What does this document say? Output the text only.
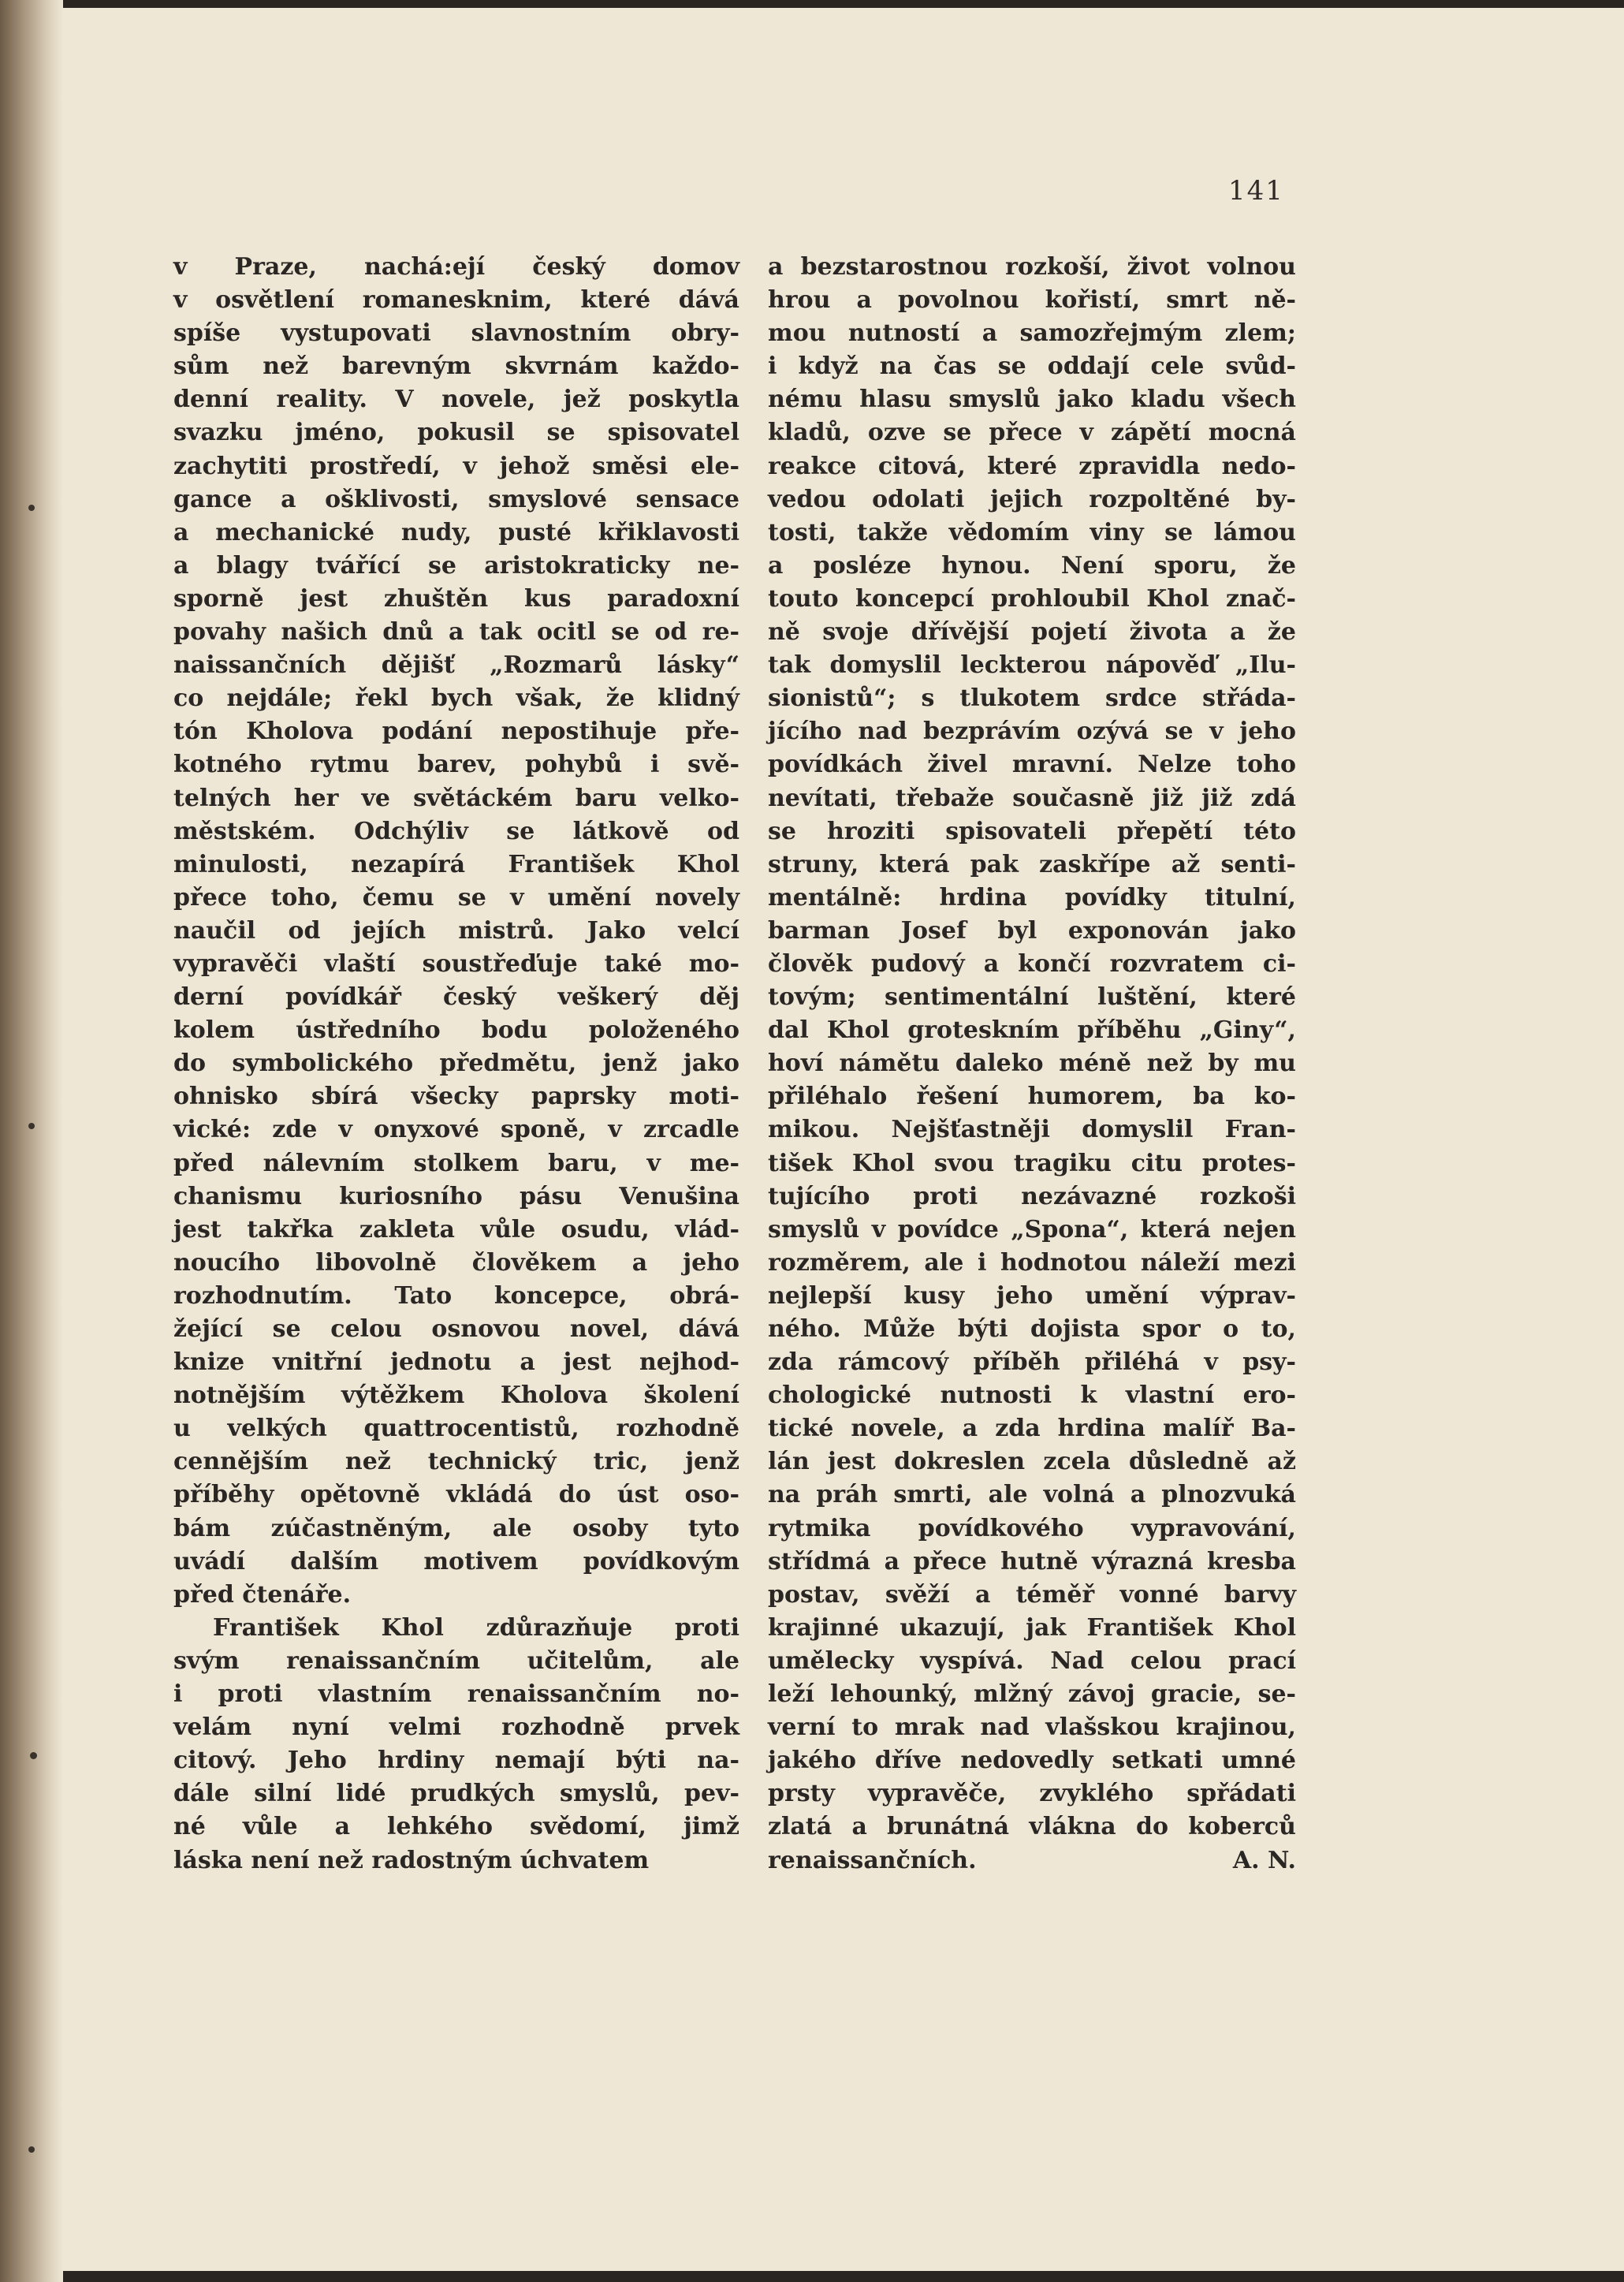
141
v Praze, nachá:ejí český domov
v osvětlení romanesknim, které dává
spíše vystupovati slavnostním obry-
sům než barevným skvrnám každo-
denní reality. V novele, jež poskytla
svazku jméno, pokusil se spisovatel
zachytiti prostředí, v jehož směsi ele-
gance a ošklivosti, smyslové sensace
a mechanické nudy, pusté křiklavosti
a blagy tvářící se aristokraticky ne-
sporně jest zhuštěn kus paradoxní
povahy našich dnů a tak ocitl se od re-
naissančních dějišť „Rozmarů lásky“
co nejdále; řekl bych však, že klidný
tón Kholova podání nepostihuje pře-
kotného rytmu barev, pohybů i svě-
telných her ve světáckém baru velko-
městském. Odchýliv se látkově od
minulosti, nezapírá František Khol
přece toho, čemu se v umění novely
naučil od jejích mistrů. Jako velcí
vypravěči vlaští soustřeďuje také mo-
derní povídkář český veškerý děj
kolem ústředního bodu položeného
do symbolického předmětu, jenž jako
ohnisko sbírá všecky paprsky moti-
vické: zde v onyxové sponě, v zrcadle
před nálevním stolkem baru, v me-
chanismu kuriosního pásu Venušina
jest takřka zakleta vůle osudu, vlád-
noucího libovolně člověkem a jeho
rozhodnutím. Tato koncepce, obrá-
žející se celou osnovou novel, dává
knize vnitřní jednotu a jest nejhod-
notnějším výtěžkem Kholova školení
u velkých quattrocentistů, rozhodně
cennějším než technický tric, jenž
příběhy opětovně vkládá do úst oso-
bám zúčastněným, ale osoby tyto
uvádí dalším motivem povídkovým
před čtenáře.
František Khol zdůrazňuje proti
svým renaissančním učitelům, ale
i proti vlastním renaissančním no-
velám nyní velmi rozhodně prvek
citový. Jeho hrdiny nemají býti na-
dále silní lidé prudkých smyslů, pev-
né vůle a lehkého svědomí, jimž
láska není než radostným úchvatem
a bezstarostnou rozkoší, život volnou
hrou a povolnou kořistí, smrt ně-
mou nutností a samozřejmým zlem;
i když na čas se oddají cele svůd-
nému hlasu smyslů jako kladu všech
kladů, ozve se přece v zápětí mocná
reakce citová, které zpravidla nedo-
vedou odolati jejich rozpoltěné by-
tosti, takže vědomím viny se lámou
a posléze hynou. Není sporu, že
touto koncepcí prohloubil Khol znač-
ně svoje dřívější pojetí života a že
tak domyslil leckterou nápověď „Ilu-
sionistů“; s tlukotem srdce střáda-
jícího nad bezprávím ozývá se v jeho
povídkách živel mravní. Nelze toho
nevítati, třebaže současně již již zdá
se hroziti spisovateli přepětí této
struny, která pak zaskřípe až senti-
mentálně: hrdina povídky titulní,
barman Josef byl exponován jako
člověk pudový a končí rozvratem ci-
tovým; sentimentální luštění, které
dal Khol groteskním příběhu „Giny“,
hoví námětu daleko méně než by mu
přiléhalo řešení humorem, ba ko-
mikou. Nejšťastněji domyslil Fran-
tišek Khol svou tragiku citu protes-
tujícího proti nezávazné rozkoši
smyslů v povídce „Spona“, která nejen
rozměrem, ale i hodnotou náleží mezi
nejlepší kusy jeho umění výprav-
ného. Může býti dojista spor o to,
zda rámcový příběh přiléhá v psy-
chologické nutnosti k vlastní ero-
tické novele, a zda hrdina malíř Ba-
lán jest dokreslen zcela důsledně až
na práh smrti, ale volná a plnozvuká
rytmika povídkového vypravování,
střídmá a přece hutně výrazná kresba
postav, svěží a téměř vonné barvy
krajinné ukazují, jak František Khol
umělecky vyspívá. Nad celou prací
leží lehounký, mlžný závoj gracie, se-
verní to mrak nad vlašskou krajinou,
jakého dříve nedovedly setkati umné
prsty vypravěče, zvyklého spřádati
zlatá a brunátná vlákna do koberců
renaissančních.	A. N.
